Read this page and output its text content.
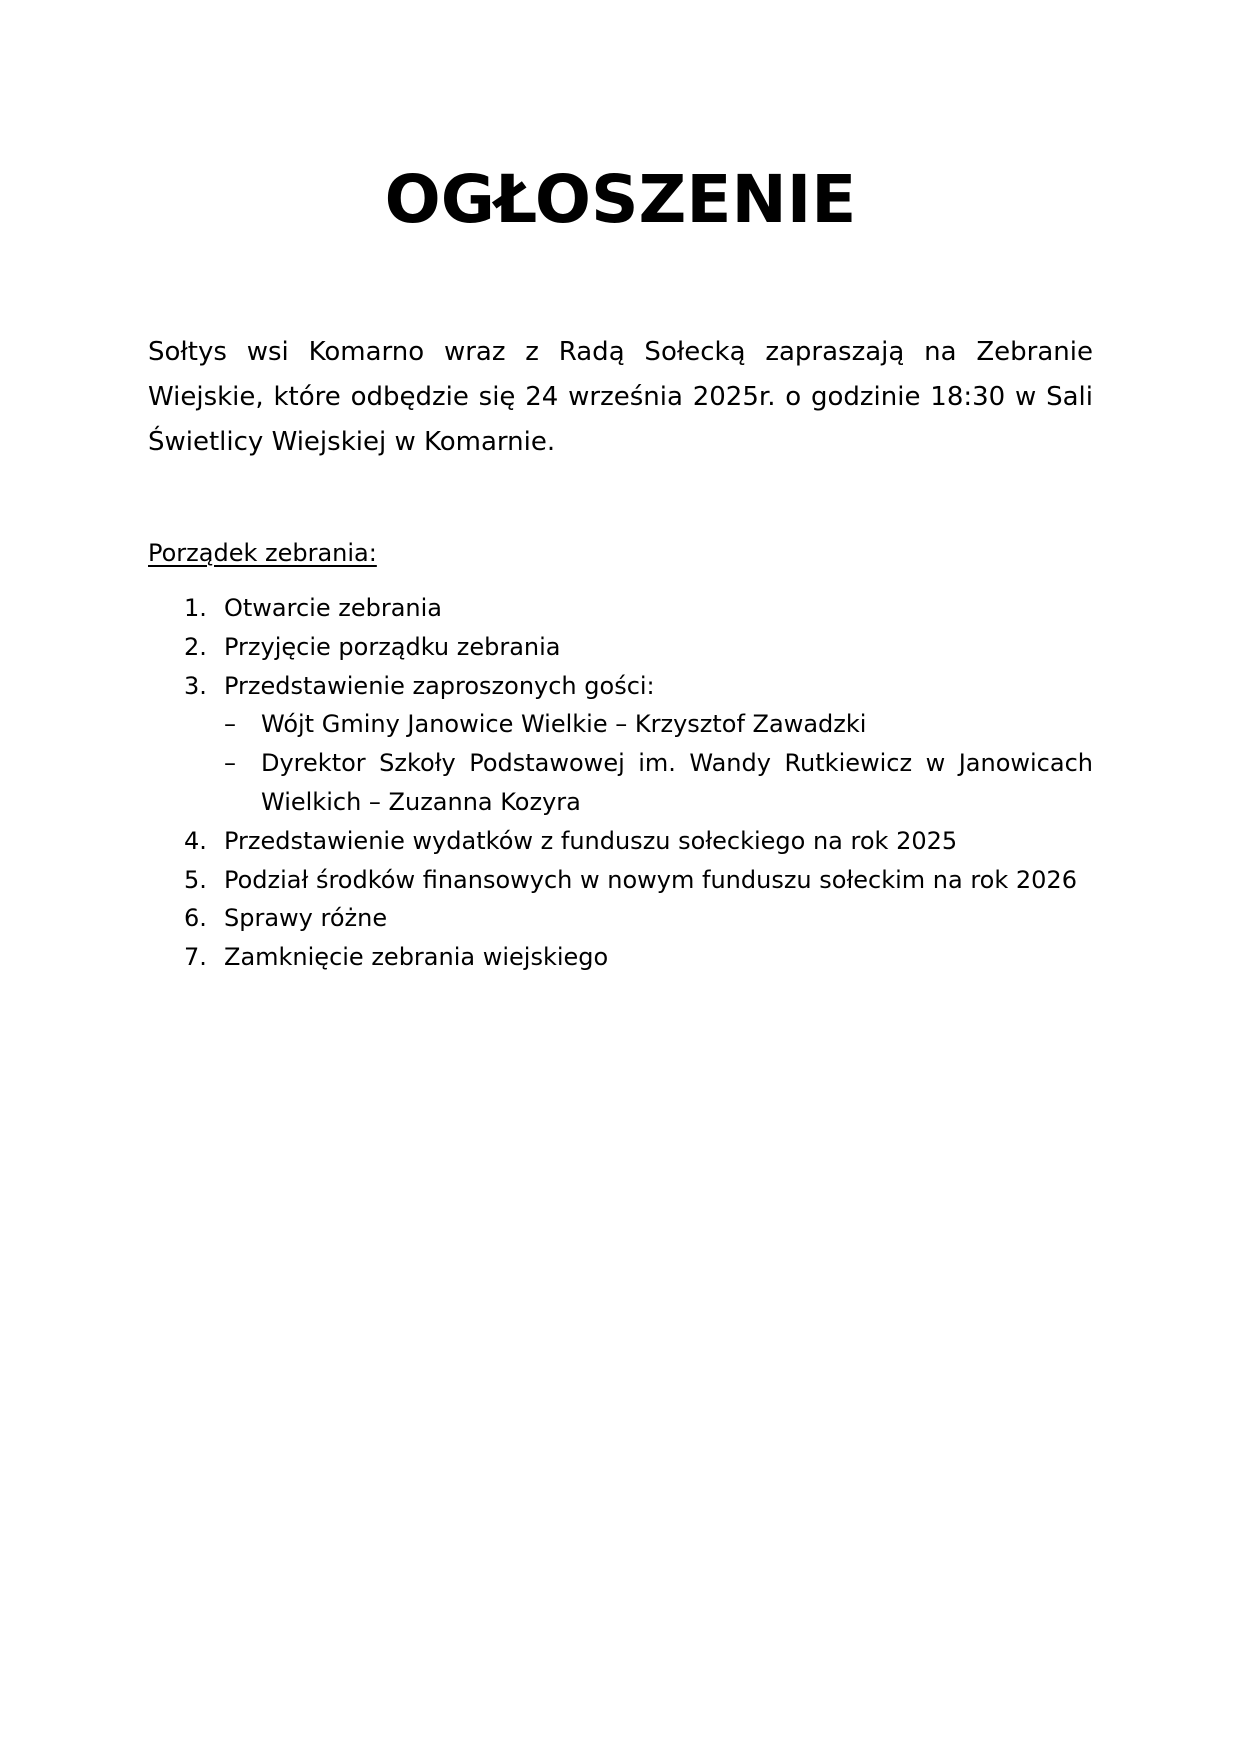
OGŁOSZENIE
Sołtys wsi Komarno wraz z Radą Sołecką zapraszają na Zebranie Wiejskie, które odbędzie się 24 września 2025r. o godzinie 18:30 w Sali Świetlicy Wiejskiej w Komarnie.
Porządek zebrania:
1. Otwarcie zebrania
2. Przyjęcie porządku zebrania
3. Przedstawienie zaproszonych gości:
– Wójt Gminy Janowice Wielkie – Krzysztof Zawadzki
– Dyrektor Szkoły Podstawowej im. Wandy Rutkiewicz w Janowicach Wielkich – Zuzanna Kozyra
4. Przedstawienie wydatków z funduszu sołeckiego na rok 2025
5. Podział środków finansowych w nowym funduszu sołeckim na rok 2026
6. Sprawy różne
7. Zamknięcie zebrania wiejskiego
